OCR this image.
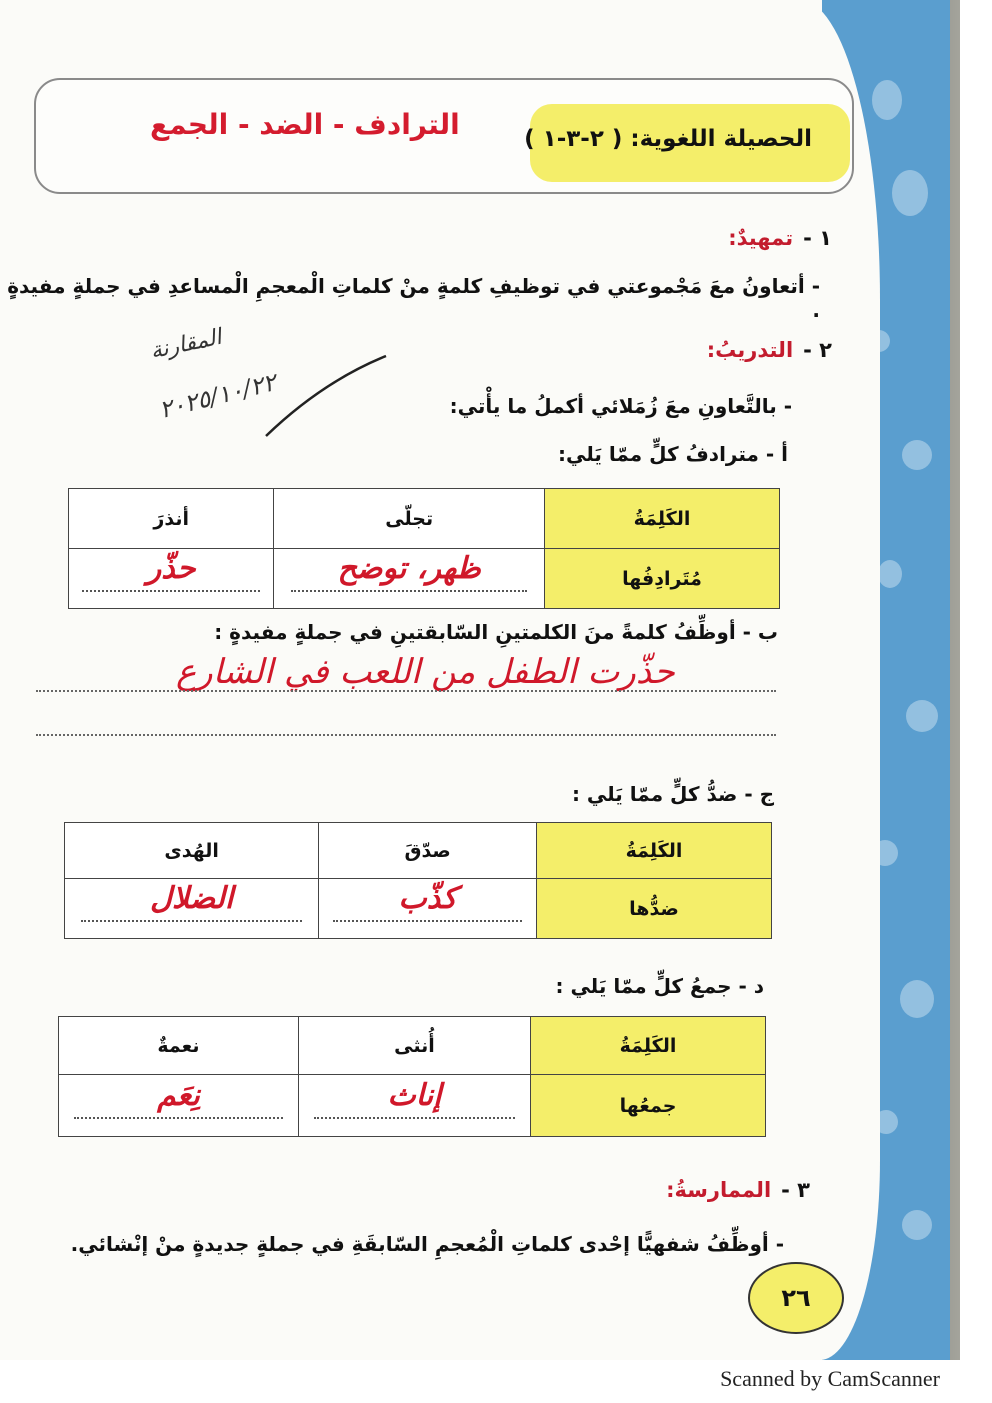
الحصيلة اللغوية: ( ٢-٣-١ )
الترادف - الضد - الجمع
١ -تمهيدٌ:
- أتعاونُ معَ مَجْموعتي في توظيفِ كلمةٍ منْ كلماتِ الْمعجمِ الْمساعدِ في جملةٍ مفيدةٍ .
٢ -التدريبُ:
المقارنة
٢٠٢٥/١٠/٢٢	- بالتَّعاونِ معَ زُمَلائي أكملُ ما يأْتي:
أ - مترادفُ كلٍّ ممّا يَلي:
الكَلِمَةُ	تجلّى	أنذرَ
مُتَرادِفُها	ظهر، توضح	حذّر
ب - أوظِّفُ كلمةً منَ الكلمتينِ السّابقتينِ في جملةٍ مفيدةٍ :
حذّرت الطفل من اللعب في الشارع
ج - ضدُّ كلٍّ ممّا يَلي :
الكَلِمَةُ	صدّقَ	الهُدى
ضدُّها	كذّب	الضلال
د - جمعُ كلٍّ ممّا يَلي :
الكَلِمَةُ	أُنثى	نعمةٌ
جمعُها	إناث	نِعَم
٣ -الممارسةُ:
- أوظِّفُ شفهيًّا إحْدى كلماتِ الْمُعجمِ السّابقَةِ في جملةٍ جديدةٍ منْ إنْشائي.
٢٦
Scanned by CamScanner
